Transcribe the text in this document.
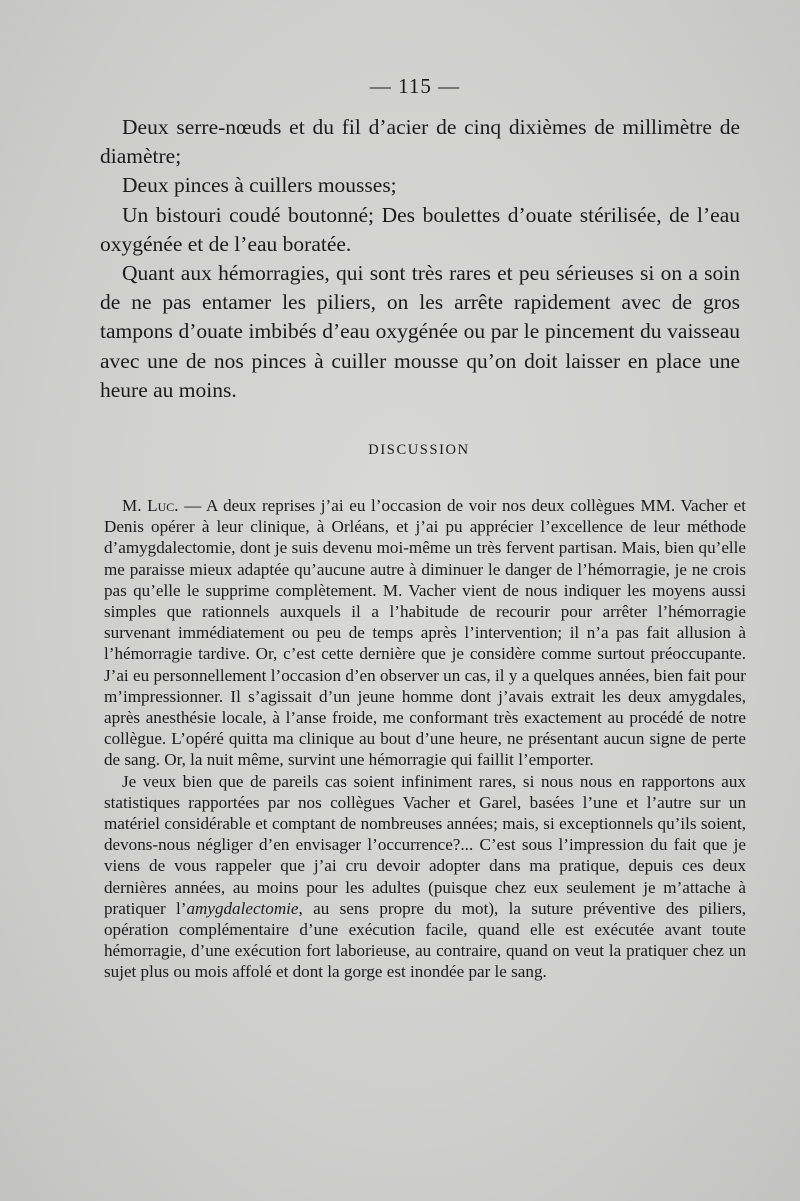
— 115 —

Deux serre-nœuds et du fil d’acier de cinq dixièmes de millimètre de diamètre;

Deux pinces à cuillers mousses;

Un bistouri coudé boutonné; Des boulettes d’ouate stérilisée, de l’eau oxygénée et de l’eau boratée.

Quant aux hémorragies, qui sont très rares et peu sérieuses si on a soin de ne pas entamer les piliers, on les arrête rapidement avec de gros tampons d’ouate imbibés d’eau oxygénée ou par le pincement du vaisseau avec une de nos pinces à cuiller mousse qu’on doit laisser en place une heure au moins.

DISCUSSION

M. Luc. — A deux reprises j’ai eu l’occasion de voir nos deux collègues MM. Vacher et Denis opérer à leur clinique, à Orléans, et j’ai pu apprécier l’excellence de leur méthode d’amygdalectomie, dont je suis devenu moi-même un très fervent partisan. Mais, bien qu’elle me paraisse mieux adaptée qu’aucune autre à diminuer le danger de l’hémorragie, je ne crois pas qu’elle le supprime complètement. M. Vacher vient de nous indiquer les moyens aussi simples que rationnels auxquels il a l’habitude de recourir pour arrêter l’hémorragie survenant immédiatement ou peu de temps après l’intervention; il n’a pas fait allusion à l’hémorragie tardive. Or, c’est cette dernière que je considère comme surtout préoccupante. J’ai eu personnellement l’occasion d’en observer un cas, il y a quelques années, bien fait pour m’impressionner. Il s’agissait d’un jeune homme dont j’avais extrait les deux amygdales, après anesthésie locale, à l’anse froide, me conformant très exactement au procédé de notre collègue. L’opéré quitta ma clinique au bout d’une heure, ne présentant aucun signe de perte de sang. Or, la nuit même, survint une hémorragie qui faillit l’emporter.

Je veux bien que de pareils cas soient infiniment rares, si nous nous en rapportons aux statistiques rapportées par nos collègues Vacher et Garel, basées l’une et l’autre sur un matériel considérable et comptant de nombreuses années; mais, si exceptionnels qu’ils soient, devons-nous négliger d’en envisager l’occurrence?... C’est sous l’impression du fait que je viens de vous rappeler que j’ai cru devoir adopter dans ma pratique, depuis ces deux dernières années, au moins pour les adultes (puisque chez eux seulement je m’attache à pratiquer l’amygdalectomie, au sens propre du mot), la suture préventive des piliers, opération complémentaire d’une exécution facile, quand elle est exécutée avant toute hémorragie, d’une exécution fort laborieuse, au contraire, quand on veut la pratiquer chez un sujet plus ou mois affolé et dont la gorge est inondée par le sang.
